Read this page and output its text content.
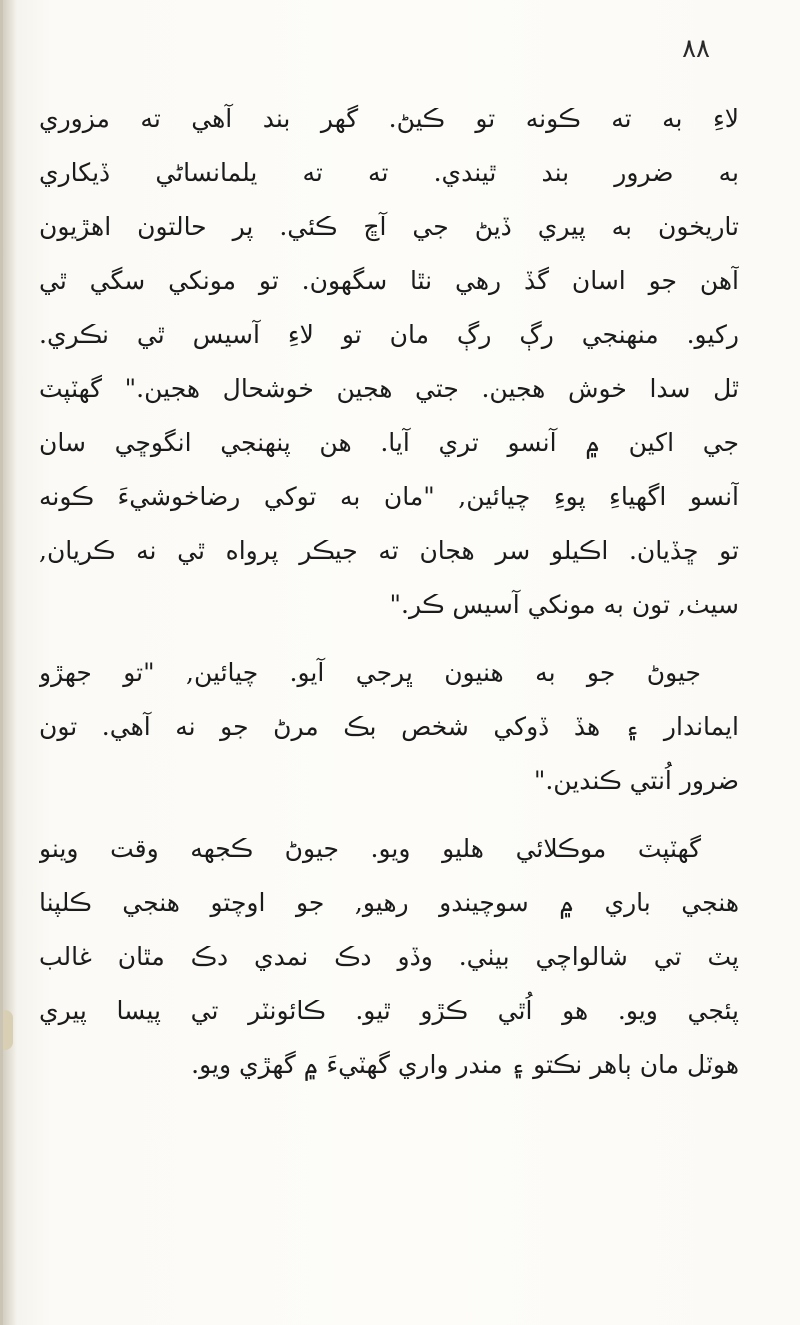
٨٨
لاءِ به ته ڪونه تو ڪيڻ. گهر بند آهي ته مزوري
به ضرور بند ٿيندي. ته ته يلمانساڻي ڏيکاري
تاريخون به پيري ڏيڻ جي آڇ ڪئي. پر حالتون اهڙيون
آهن جو اسان گڏ رهي نٿا سگهون. تو مونکي سگي ٿي
رکيو. منهنجي رڳ رڳ مان تو لاءِ آسيس ٿي نڪري.
ٿل سدا خوش هجين. جتي هجين خوشحال هجين." گهٽپٽ
جي اکين ۾ آنسو تري آيا. هن پنهنجي انگوڇي سان
آنسو اگهياءِ پوءِ چيائين, "مان به توکي رضاخوشيءَ ڪونه
تو ڇڏيان. اڪيلو سر هجان ته جيڪر پرواه ٿي نه ڪريان,
سيٺ, تون به مونکي آسيس ڪر."
جيوڻ جو به هنيون ڀرجي آيو. چيائين, "تو جهڙو
ايماندار ۽ هڏ ڏوکي شخص بڪ مرڻ جو نه آهي. تون
ضرور اُنتي ڪندين."
گهٽپٽ موڪلائي هليو ويو. جيوڻ ڪجهه وقت وينو
هنجي باري ۾ سوچيندو رهيو, جو اوچتو هنجي ڪلپنا
پٽ تي شالواچي بيٺي. وڏو دڪ نمدي دڪ مٿان غالب
پئجي ويو. هو اُٿي ڪڙو ٿيو. ڪائونٽر تي پيسا پيري
هوٽل مان ٻاهر نڪتو ۽ مندر واري گهٽيءَ ۾ گهڙي ويو.
